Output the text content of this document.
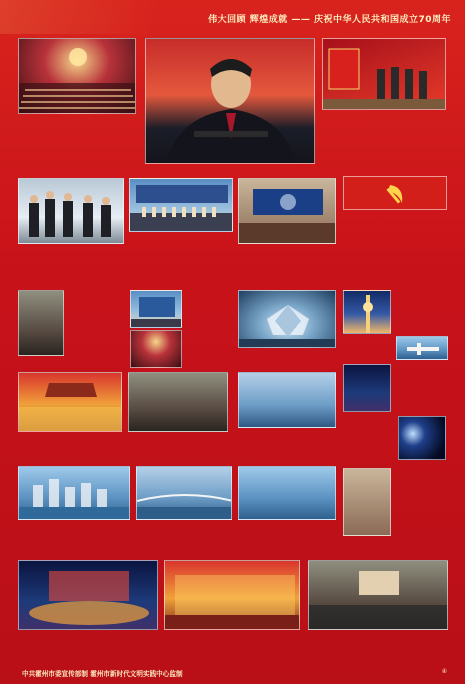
伟大回顾 辉煌成就 —— 庆祝中华人民共和国成立70周年
中共霍州市委宣传部制 霍州市新时代文明实践中心监制	④
